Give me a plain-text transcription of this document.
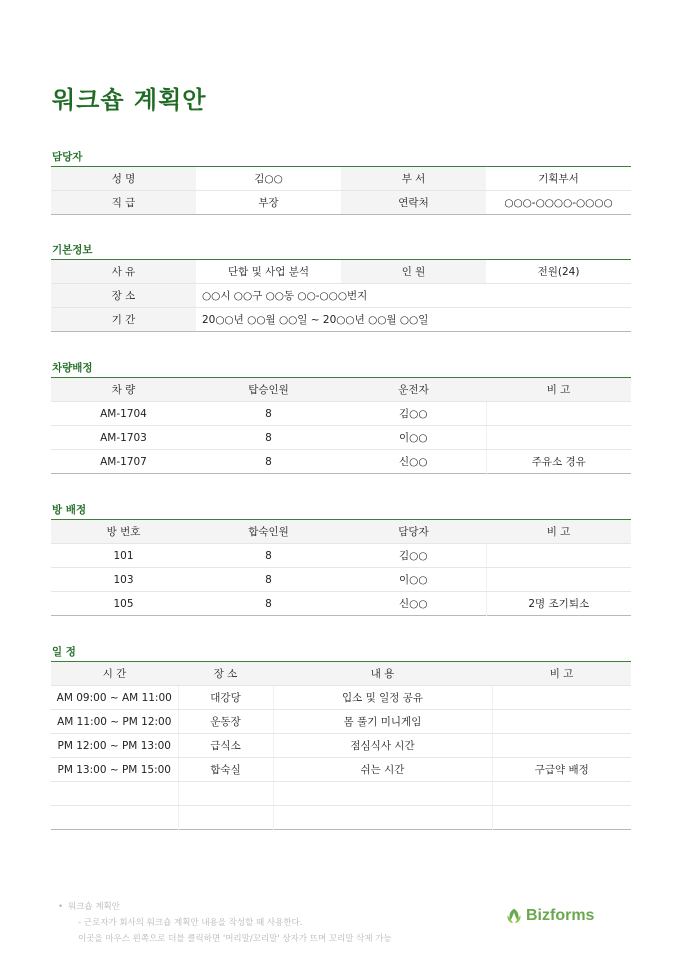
워크숍 계획안
담당자
성 명	김○○	부 서	기획부서
직 급	부장	연락처	○○○-○○○○-○○○○
기본정보
사 유	단합 및 사업 분석	인 원	전원(24)
장 소	○○시 ○○구 ○○동 ○○-○○○번지		
기 간	20○○년 ○○월 ○○일 ~ 20○○년 ○○월 ○○일		
차량배정
차 량	탑승인원	운전자	비 고
AM-1704	8	김○○	
AM-1703	8	이○○	
AM-1707	8	신○○	주유소 경유
방 배정
방 번호	합숙인원	담당자	비 고
101	8	김○○	
103	8	이○○	
105	8	신○○	2명 조기퇴소
일 정
시 간	장 소	내 용	비 고
AM 09:00 ~ AM 11:00	대강당	입소 및 일정 공유	
AM 11:00 ~ PM 12:00	운동장	몸 풀기 미니게임	
PM 12:00 ~ PM 13:00	급식소	점심식사 시간	
PM 13:00 ~ PM 15:00	합숙실	쉬는 시간	구급약 배정

• 워크숍 계획안
- 근로자가 회사의 워크숍 계획안 내용을 작성할 때 사용한다.
이곳을 마우스 왼쪽으로 더블 클릭하면 '머리말/꼬리말' 상자가 뜨며 꼬리말 삭제 가능
Bizforms
